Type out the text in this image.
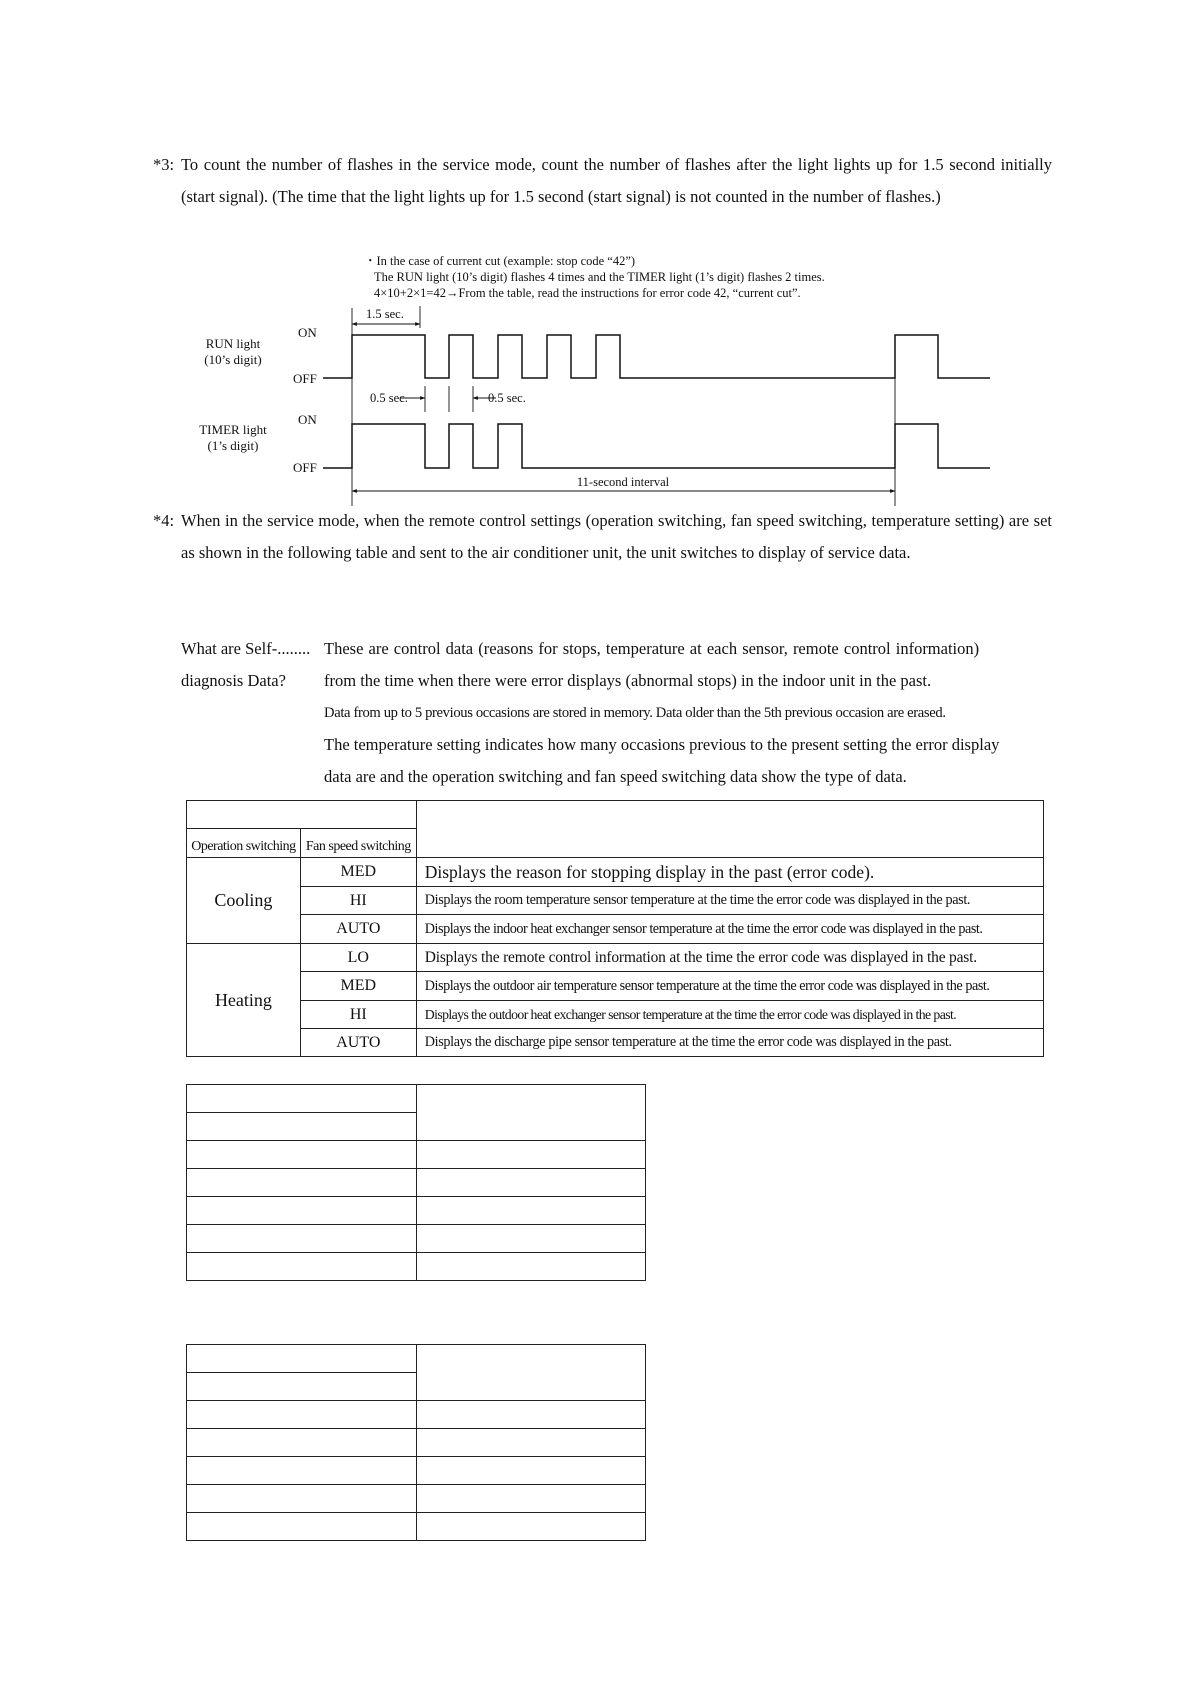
*3: To count the number of flashes in the service mode, count the number of flashes after the light lights up for 1.5 second initially (start signal). (The time that the light lights up for 1.5 second (start signal) is not counted in the number of flashes.)
・In the case of current cut (example: stop code “42”)
The RUN light (10’s digit) flashes 4 times and the TIMER light (1’s digit) flashes 2 times.
4×10+2×1=42→From the table, read the instructions for error code 42, “current cut”.
RUN light
(10’s digit)
TIMER light
(1’s digit)
ON
OFF
ON
OFF
1.5 sec.
0.5 sec.	0.5 sec.
11-second interval
*4: When in the service mode, when the remote control settings (operation switching, fan speed switching, temperature setting) are set as shown in the following table and sent to the air conditioner unit, the unit switches to display of service data.
What are Self-........
diagnosis Data?
These are control data (reasons for stops, temperature at each sensor, remote control information)
from the time when there were error displays (abnormal stops) in the indoor unit in the past.
Data from up to 5 previous occasions are stored in memory. Data older than the 5th previous occasion are erased.
The temperature setting indicates how many occasions previous to the present setting the error display
data are and the operation switching and fan speed switching data show the type of data.

Operation switching	Fan speed switching	
Cooling	MED	Displays the reason for stopping display in the past (error code).
	HI	Displays the room temperature sensor temperature at the time the error code was displayed in the past.
	AUTO	Displays the indoor heat exchanger sensor temperature at the time the error code was displayed in the past.
Heating	LO	Displays the remote control information at the time the error code was displayed in the past.
	MED	Displays the outdoor air temperature sensor temperature at the time the error code was displayed in the past.
	HI	Displays the outdoor heat exchanger sensor temperature at the time the error code was displayed in the past.
	AUTO	Displays the discharge pipe sensor temperature at the time the error code was displayed in the past.
